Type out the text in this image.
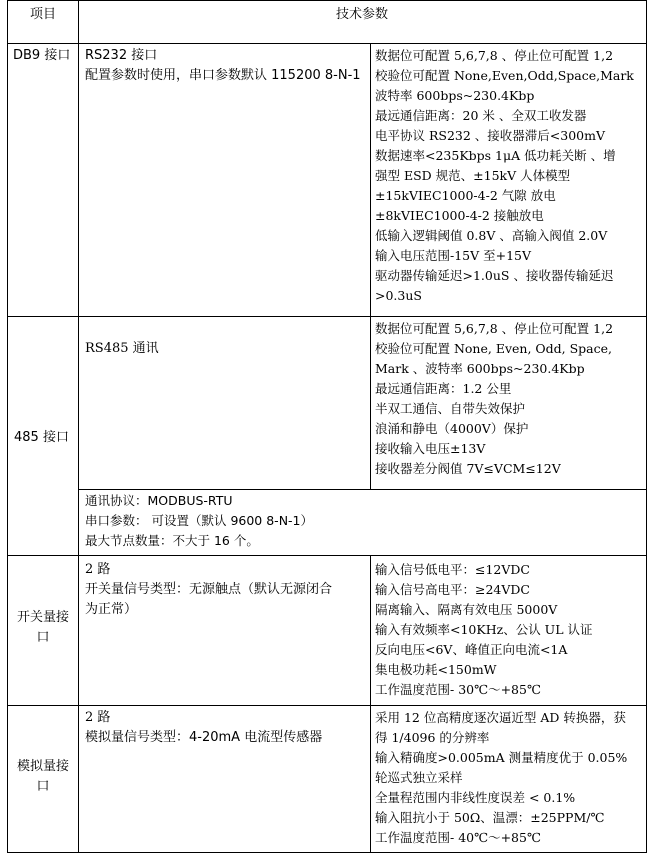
项目	技术参数
DB9 接口 RS232 接口
配置参数时使用，串口参数默认 115200 8-N-1
数据位可配置 5,6,7,8 、停止位可配置 1,2
校验位可配置 None,Even,Odd,Space,Mark
波特率 600bps~230.4Kbp
最远通信距离：20 米 、全双工收发器
电平协议 RS232 、接收器滞后<300mV
数据速率<235Kbps 1μA 低功耗关断 、增
强型 ESD 规范、±15kV 人体模型
±15kVIEC1000-4-2 气隙 放电
±8kVIEC1000-4-2 接触放电
低输入逻辑阈值 0.8V 、高输入阀值 2.0V
输入电压范围-15V 至+15V
驱动器传输延迟>1.0uS 、接收器传输延迟
>0.3uS
485 接口
RS485 通讯
数据位可配置 5,6,7,8 、停止位可配置 1,2
校验位可配置 None, Even, Odd, Space,
Mark 、波特率 600bps~230.4Kbp
最远通信距离：1.2 公里
半双工通信、自带失效保护
浪涌和静电（4000V）保护
接收输入电压±13V
接收器差分阀值 7V≤VCM≤12V
通讯协议：MODBUS-RTU
串口参数： 可设置（默认 9600 8-N-1）
最大节点数量：不大于 16 个。
开关量接
口
2 路
开关量信号类型：无源触点（默认无源闭合
为正常）
输入信号低电平：≤12VDC
输入信号高电平：≥24VDC
隔离输入、隔离有效电压 5000V
输入有效频率<10KHz、公认 UL 认证
反向电压<6V、峰值正向电流<1A
集电极功耗<150mW
工作温度范围- 30℃～+85℃
模拟量接
口
2 路
模拟量信号类型：4-20mA 电流型传感器
采用 12 位高精度逐次逼近型 AD 转换器，获
得 1/4096 的分辨率
输入精确度>0.005mA 测量精度优于 0.05%
轮巡式独立采样
全量程范围内非线性度误差 < 0.1%
输入阻抗小于 50Ω、温漂：±25PPM/℃
工作温度范围- 40℃～+85℃
